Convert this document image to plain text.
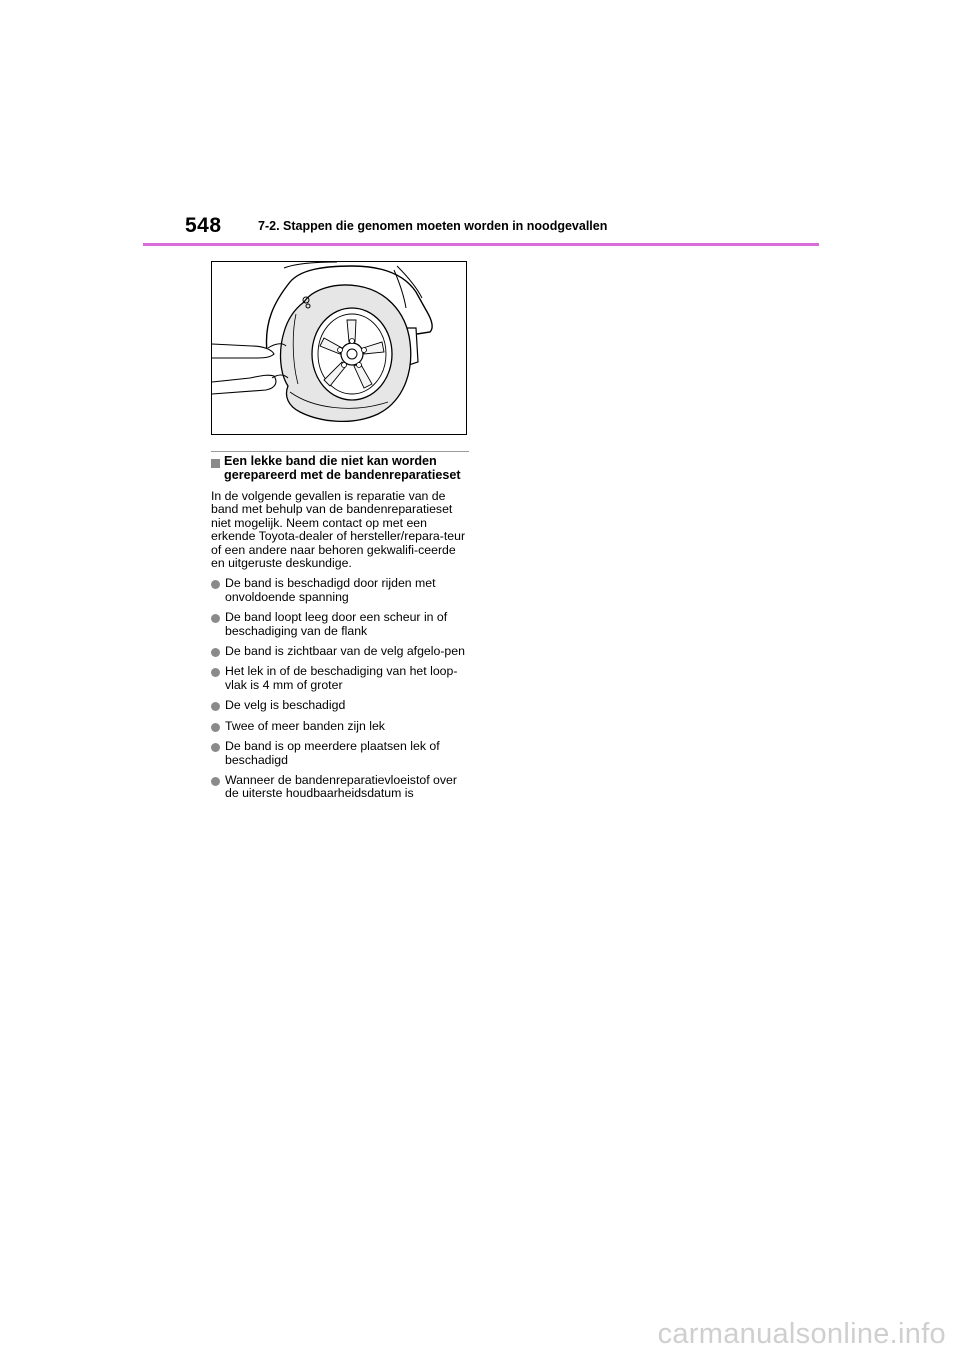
548	7-2. Stappen die genomen moeten worden in noodgevallen
Een lekke band die niet kan worden
gerepareerd met de bandenreparatieset

In de volgende gevallen is reparatie van de band met behulp van de bandenreparatieset niet mogelijk. Neem contact op met een erkende Toyota-dealer of hersteller/repara-teur of een andere naar behoren gekwalifi-ceerde en uitgeruste deskundige.

De band is beschadigd door rijden met onvoldoende spanning
De band loopt leeg door een scheur in of beschadiging van de flank
De band is zichtbaar van de velg afgelo-pen
Het lek in of de beschadiging van het loop-vlak is 4 mm of groter
De velg is beschadigd
Twee of meer banden zijn lek
De band is op meerdere plaatsen lek of beschadigd
Wanneer de bandenreparatievloeistof over de uiterste houdbaarheidsdatum is
carmanualsonline.info
